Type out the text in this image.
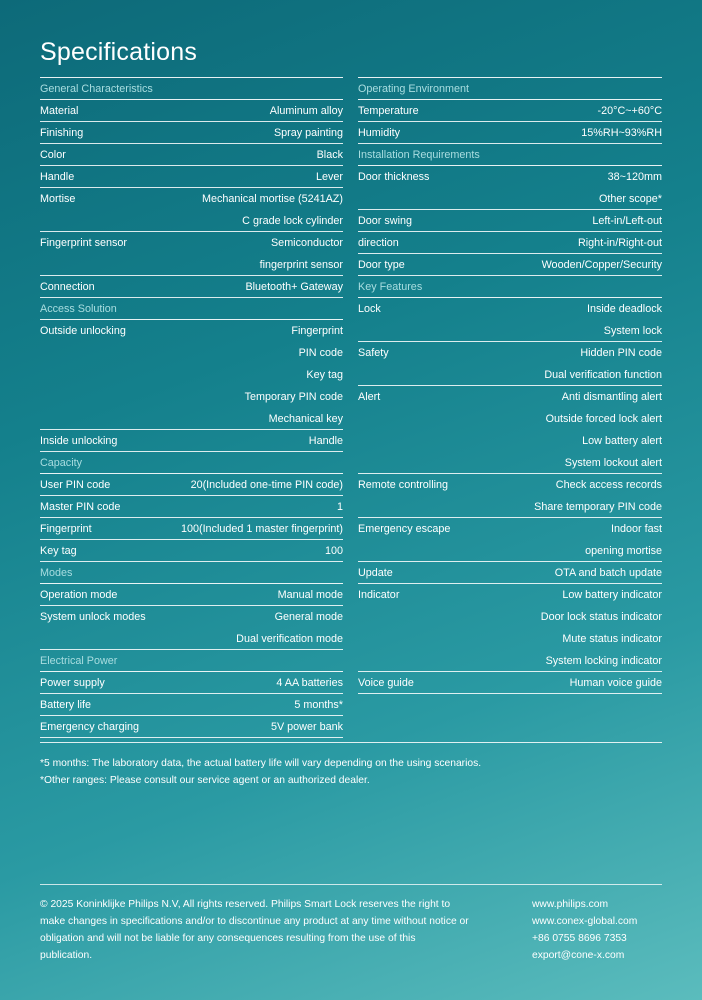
Specifications
General Characteristics
Material	Aluminum alloy
Finishing	Spray painting
Color	Black
Handle	Lever
Mortise	Mechanical mortise (5241AZ)
C grade lock cylinder
Fingerprint sensor	Semiconductor
fingerprint sensor
Connection	Bluetooth+ Gateway
Access Solution
Outside unlocking	Fingerprint
PIN code
Key tag
Temporary PIN code
Mechanical key
Inside unlocking	Handle
Capacity
User PIN code	20(Included one-time PIN code)
Master PIN code	1
Fingerprint	100(Included 1 master fingerprint)
Key tag	100
Modes
Operation mode	Manual mode
System unlock modes	General mode
Dual verification mode
Electrical Power
Power supply	4 AA batteries
Battery life	5 months*
Emergency charging	5V power bank
Operating Environment
Temperature	-20°C~+60°C
Humidity	15%RH~93%RH
Installation Requirements
Door thickness	38~120mm
Other scope*
Door swing	Left-in/Left-out
direction	Right-in/Right-out
Door type	Wooden/Copper/Security
Key Features
Lock	Inside deadlock
System lock
Safety	Hidden PIN code
Dual verification function
Alert	Anti dismantling alert
Outside forced lock alert
Low battery alert
System lockout alert
Remote controlling	Check access records
Share temporary PIN code
Emergency escape	Indoor fast
opening mortise
Update	OTA and batch update
Indicator	Low battery indicator
Door lock status indicator
Mute status indicator
System locking indicator
Voice guide	Human voice guide
*5 months: The laboratory data, the actual battery life will vary depending on the using scenarios.
*Other ranges: Please consult our service agent or an authorized dealer.
© 2025 Koninklijke Philips N.V, All rights reserved. Philips Smart Lock reserves the right to make changes in specifications and/or to discontinue any product at any time without notice or obligation and will not be liable for any consequences resulting from the use of this publication.
www.philips.com
www.conex-global.com
+86 0755 8696 7353
export@cone-x.com
